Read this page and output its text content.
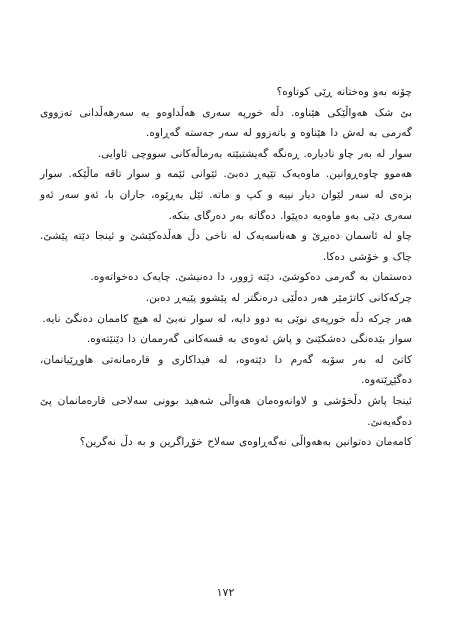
چۆنە بەو وەختانە ڕێی کوتاوە؟

بێ شک هەواڵێکی هێناوە. دڵە خورپە سەری هەڵداوەو بە سەرهەڵدانی تەزووی گەرمی بە لەش دا هێناوە و باتەزوو لە سەر جەستە گەڕاوە.

سوار لە بەر چاو نادیارە. ڕەنگە گەیشتبێتە بەرماڵەکانی سووچی ئاوایی.

هەموو چاوەڕوانین. ماوەیەک تێپەڕ دەبێ. ئێوانی ئێمە و سوار تاقە ماڵێکە. سوار بزەی لە سەر لێوان دیار نییە و کپ و ماتە. ئێل بەڕێوە، جاران با، ئەو سەر ئەو سەری دێی بەو ماوەیە دەپێوا. دەگاتە بەر دەرگای بنکە.

چاو لە ئاسمان دەبڕێ و هەناسەیەک لە ناخی دڵ هەڵدەکێشێ و ئینجا دێتە پێشێ. چاک و خۆشی دەکا.

دەستمان بە گەرمی دەکوشێ، دێتە ژوور، دا دەنیشێ. چایەک دەخواتەوە.

چرکەکانی کاتژمێر هەر دەڵێی درەنگتر لە پێشوو پێیەڕ دەبن.

هەر چرکە دڵە خورپەی نوێی بە دوو دایە، لە سوار نەبێ لە هیچ کاممان دەنگێ نایە.

سوار بێدەنگی دەشکێنێ و پاش ئەوەی بە قسەکانی گەرممان دا دێنێتەوە.

کاتێ لە بەر سۆبە گەرم دا دێتەوە، لە فیداکاری و قارەمانەتی هاوڕێیانمان، دەگێڕێتەوە.

ئینجا پاش دڵخۆشی و لاوانەوەمان هەواڵی شەهید بوونی سەلاحی قارەمانمان پێ دەگەیەنێ.

کامەمان دەتوانین بەهەواڵی نەگەڕاوەی سەلاح خۆڕاگرین و بە دڵ نەگرین؟

١٧٢
